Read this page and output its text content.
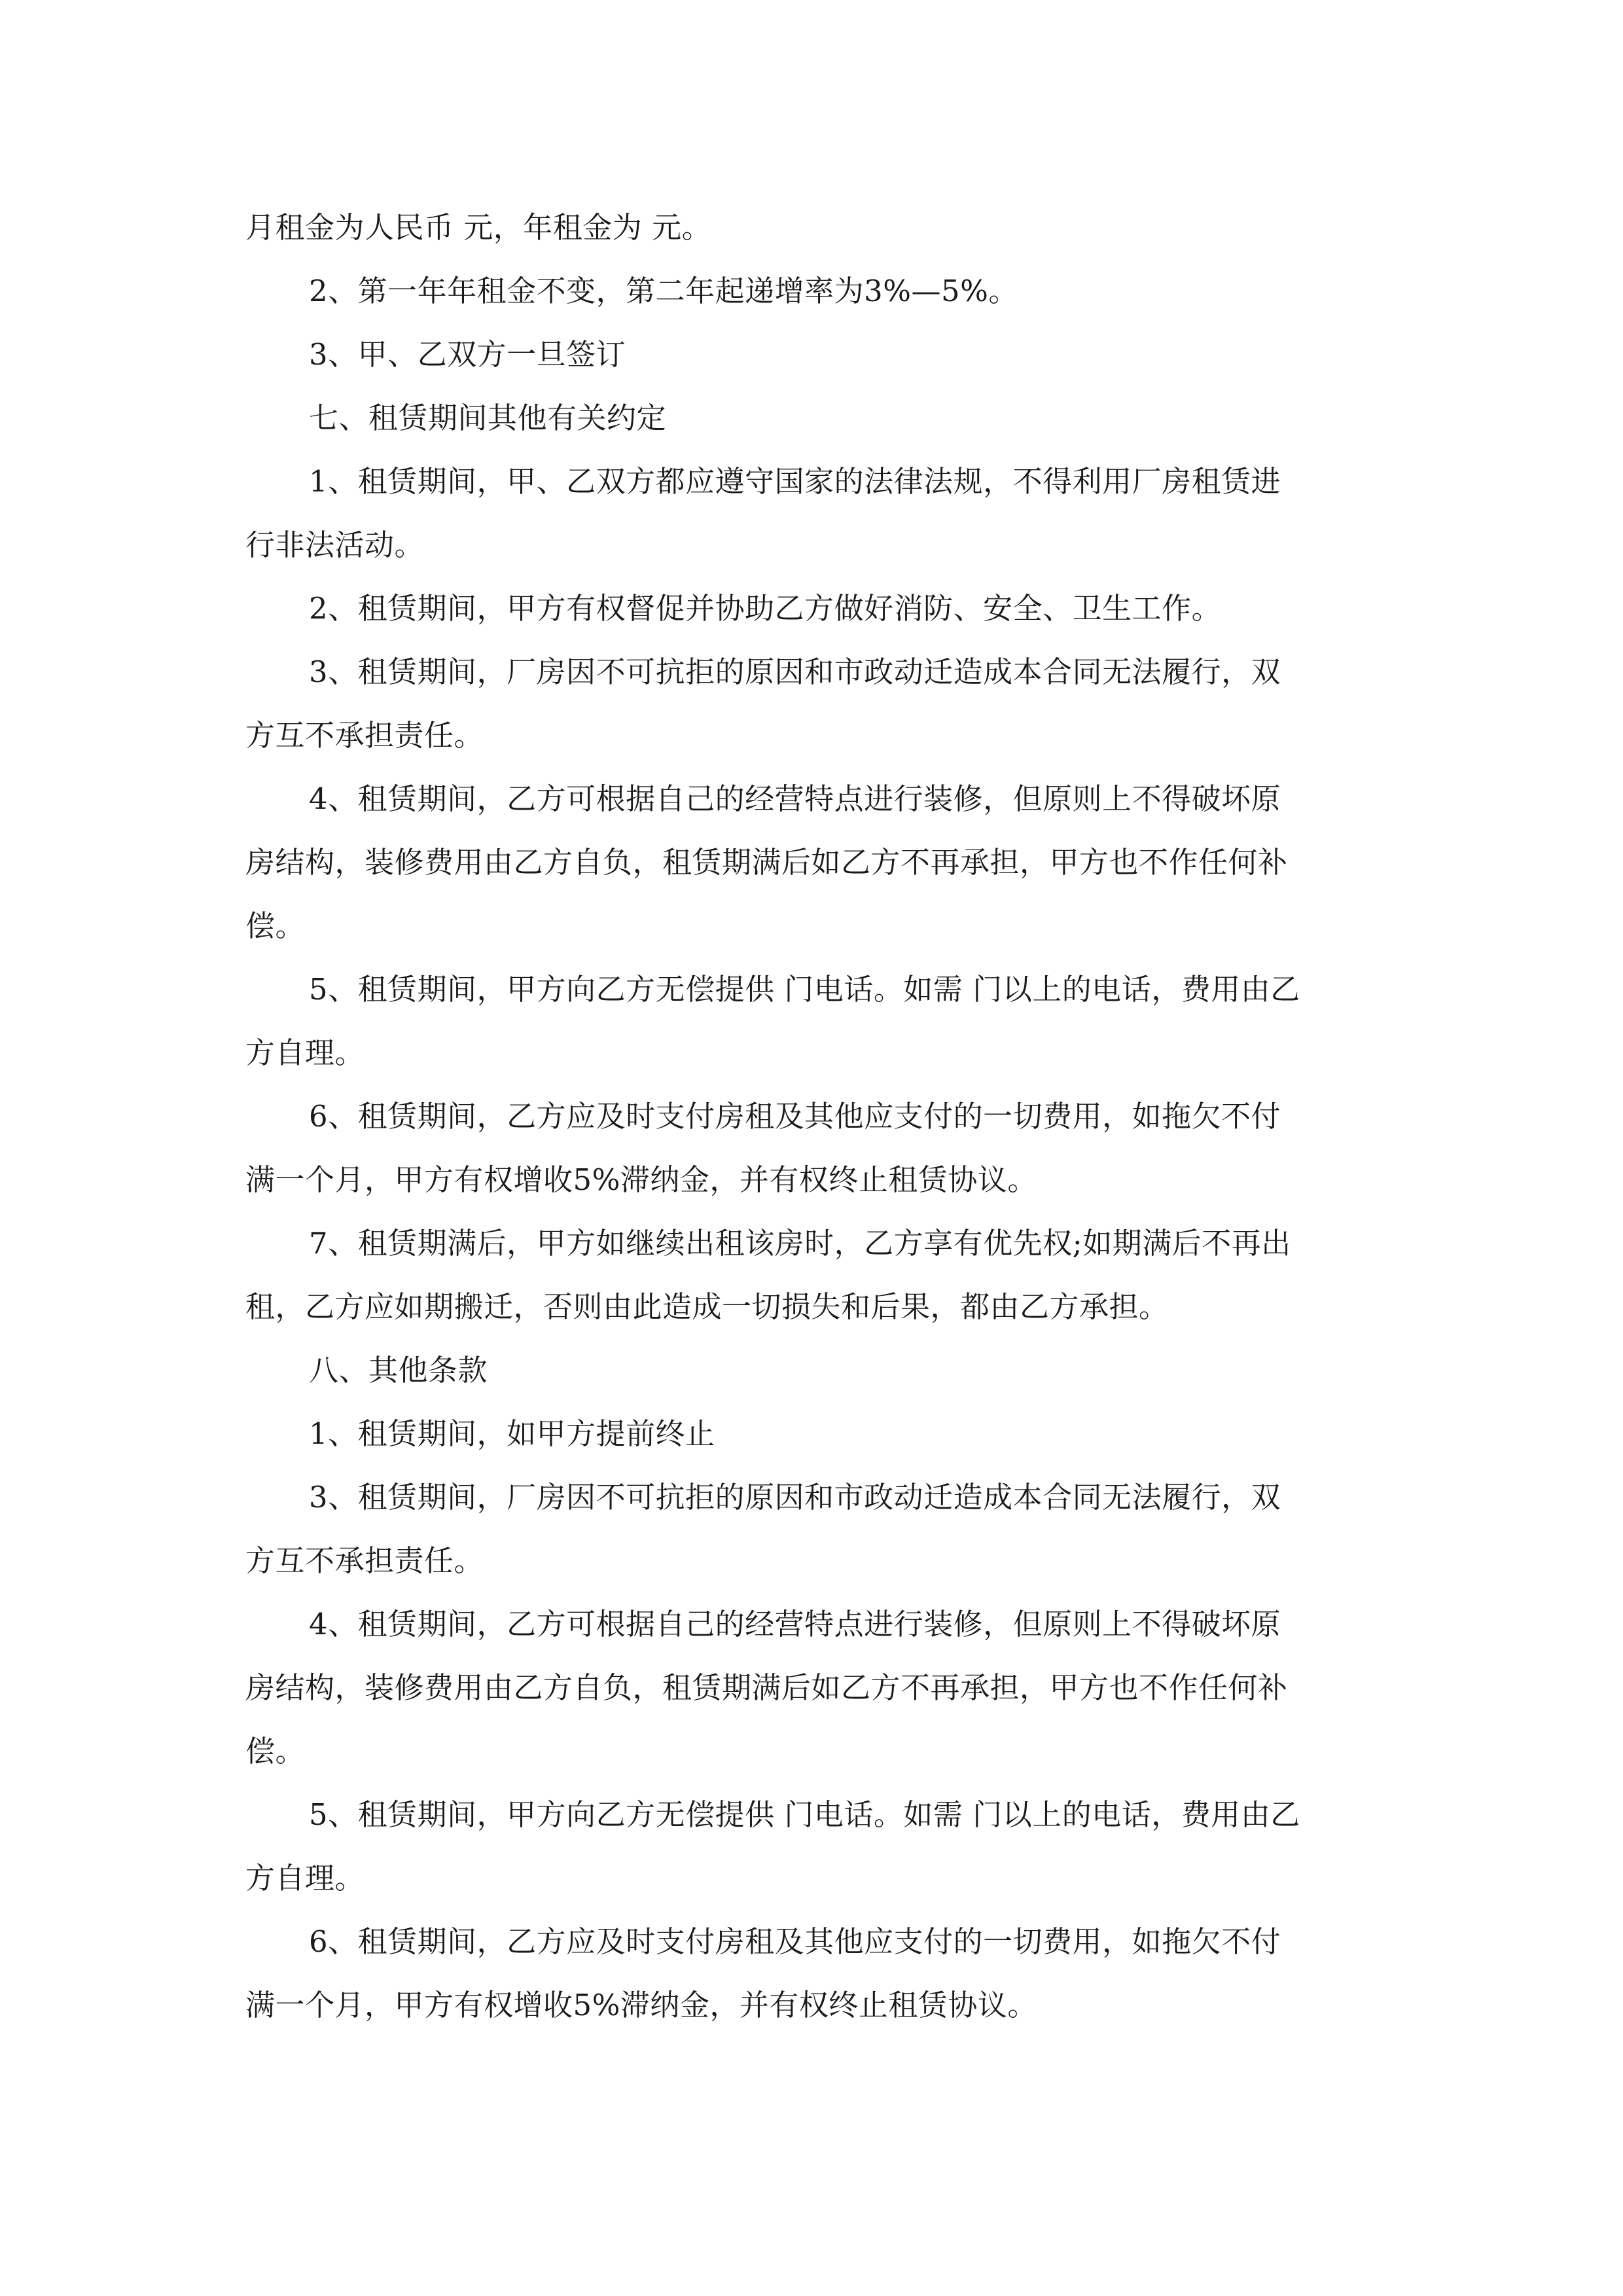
月租金为人民币 元，年租金为 元。
2、第一年年租金不变，第二年起递增率为3%—5%。
3、甲、乙双方一旦签订
七、租赁期间其他有关约定
1、租赁期间，甲、乙双方都应遵守国家的法律法规，不得利用厂房租赁进
行非法活动。
2、租赁期间，甲方有权督促并协助乙方做好消防、安全、卫生工作。
3、租赁期间，厂房因不可抗拒的原因和市政动迁造成本合同无法履行，双
方互不承担责任。
4、租赁期间，乙方可根据自己的经营特点进行装修，但原则上不得破坏原
房结构，装修费用由乙方自负，租赁期满后如乙方不再承担，甲方也不作任何补
偿。
5、租赁期间，甲方向乙方无偿提供 门电话。如需 门以上的电话，费用由乙
方自理。
6、租赁期间，乙方应及时支付房租及其他应支付的一切费用，如拖欠不付
满一个月，甲方有权增收5%滞纳金，并有权终止租赁协议。
7、租赁期满后，甲方如继续出租该房时，乙方享有优先权;如期满后不再出
租，乙方应如期搬迁，否则由此造成一切损失和后果，都由乙方承担。
八、其他条款
1、租赁期间，如甲方提前终止
3、租赁期间，厂房因不可抗拒的原因和市政动迁造成本合同无法履行，双
方互不承担责任。
4、租赁期间，乙方可根据自己的经营特点进行装修，但原则上不得破坏原
房结构，装修费用由乙方自负，租赁期满后如乙方不再承担，甲方也不作任何补
偿。
5、租赁期间，甲方向乙方无偿提供 门电话。如需 门以上的电话，费用由乙
方自理。
6、租赁期间，乙方应及时支付房租及其他应支付的一切费用，如拖欠不付
满一个月，甲方有权增收5%滞纳金，并有权终止租赁协议。
